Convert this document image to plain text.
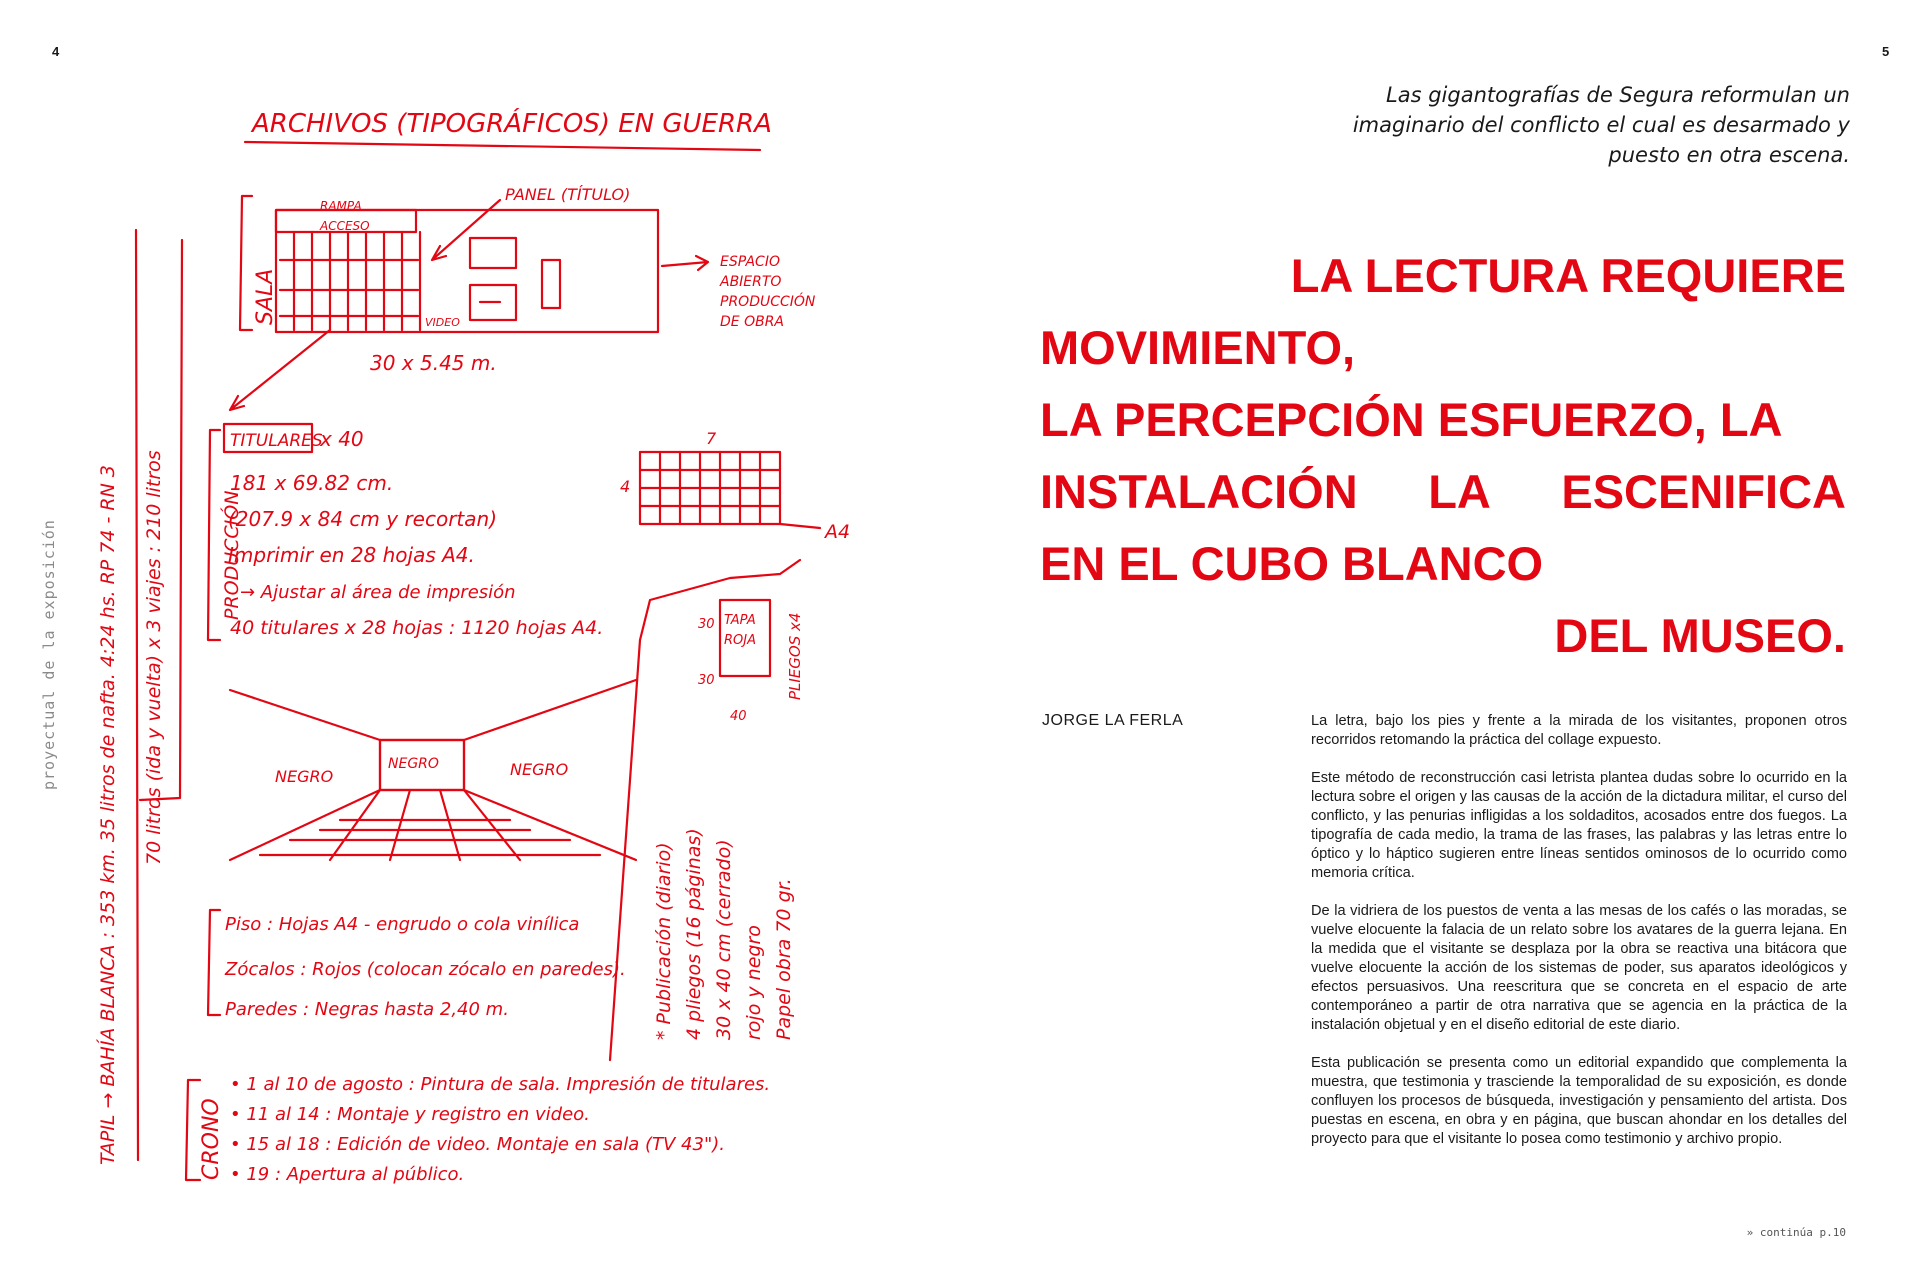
4	5
proyectual de la exposición
ARCHIVOS (TIPOGRÁFICOS) EN GUERRA
TAPIL → BAHÍA BLANCA : 353 km. 35 litros de nafta. 4:24 hs. RP 74 - RN 3 70 litros (ida y vuelta) x 3 viajes : 210 litros
SALA
RAMPA
ACCESO
VIDEO
PANEL (TÍTULO)
ESPACIO
ABIERTO
PRODUCCIÓN
DE OBRA
30 x 5.45 m.
PRODUCCIÓN
TITULARES
x 40
181 x 69.82 cm.
(207.9 x 84 cm y recortan)
Imprimir en 28 hojas A4.
→ Ajustar al área de impresión
40 titulares x 28 hojas : 1120 hojas A4.
7
4
A4
NEGRO
NEGRO	NEGRO
TAPA
ROJA
30
30
40
PLIEGOS x4
* Publicación (diario) 4 pliegos (16 páginas) 30 x 40 cm (cerrado) rojo y negro Papel obra 70 gr.
Piso : Hojas A4 - engrudo o cola vinílica
Zócalos : Rojos (colocan zócalo en paredes).
Paredes : Negras hasta 2,40 m.
CRONO
• 1 al 10 de agosto : Pintura de sala. Impresión de titulares.
• 11 al 14 : Montaje y registro en video.
• 15 al 18 : Edición de video. Montaje en sala (TV 43").
• 19 : Apertura al público.
Las gigantografías de Segura reformulan un imaginario del conflicto el cual es desarmado y puesto en otra escena.
LA LECTURA REQUIERE
MOVIMIENTO,
LA PERCEPCIÓN ESFUERZO, LA
INSTALACIÓN LA ESCENIFICA
EN EL CUBO BLANCO
DEL MUSEO.
JORGE LA FERLA	La letra, bajo los pies y frente a la mirada de los visitantes, proponen otros recorridos retomando la práctica del collage expuesto.

Este método de reconstrucción casi letrista plantea dudas sobre lo ocurrido en la lectura sobre el origen y las causas de la acción de la dictadura militar, el curso del conflicto, y las penurias infligidas a los soldaditos, acosados entre dos fuegos. La tipografía de cada medio, la trama de las frases, las palabras y las letras entre lo óptico y lo háptico sugieren entre líneas sentidos ominosos de lo ocurrido como memoria crítica.

De la vidriera de los puestos de venta a las mesas de los cafés o las moradas, se vuelve elocuente la falacia de un relato sobre los avatares de la guerra lejana. En la medida que el visitante se desplaza por la obra se reactiva una bitácora que vuelve elocuente la acción de los sistemas de poder, sus aparatos ideológicos y efectos persuasivos. Una reescritura que se concreta en el espacio de arte contemporáneo a partir de otra narrativa que se agencia en la práctica de la instalación objetual y en el diseño editorial de este diario.

Esta publicación se presenta como un editorial expandido que complementa la muestra, que testimonia y trasciende la temporalidad de su exposición, es donde confluyen los procesos de búsqueda, investigación y pensamiento del artista. Dos puestas en escena, en obra y en página, que buscan ahondar en los detalles del proyecto para que el visitante lo posea como testimonio y archivo propio.

» continúa p.10
